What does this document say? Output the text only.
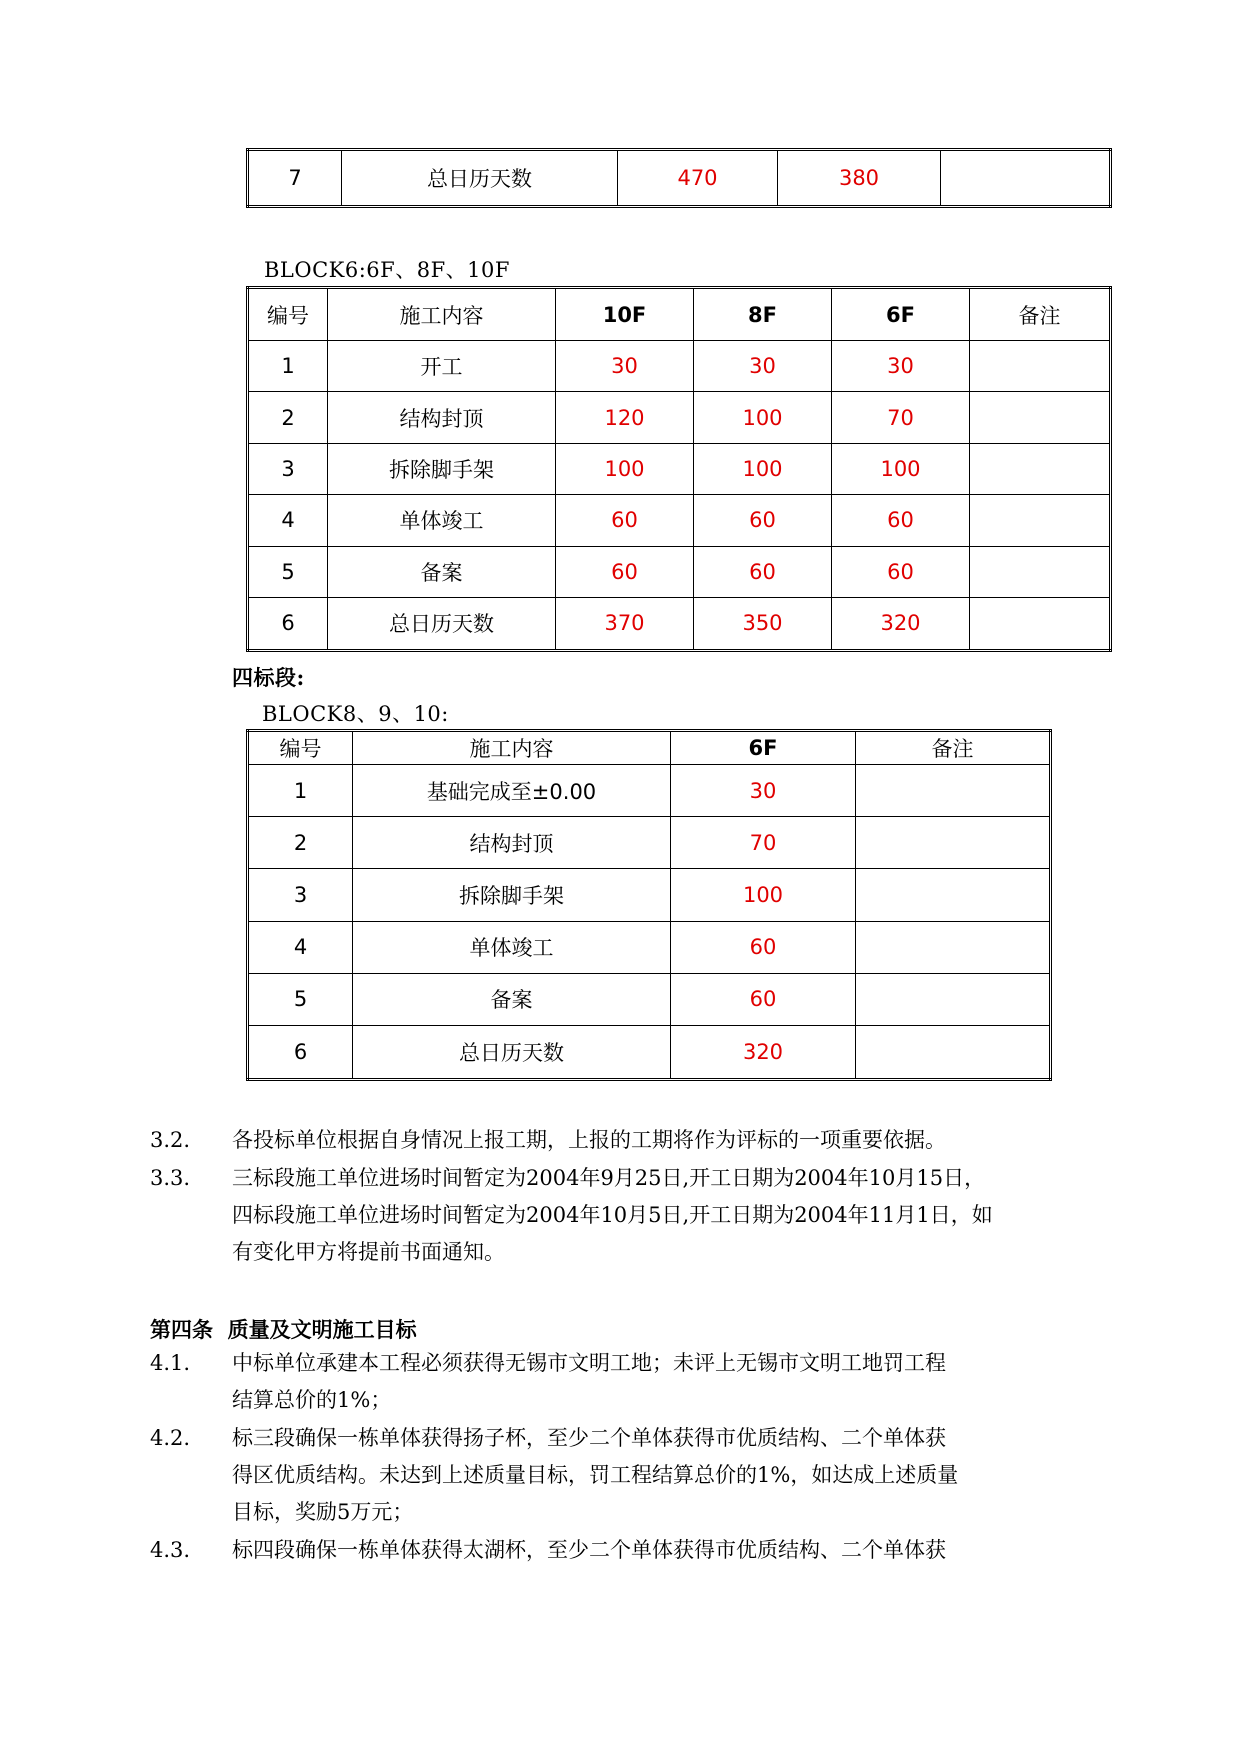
7	总日历天数	470	380	
BLOCK6:6F、8F、10F
编号	施工内容	10F	8F	6F	备注
1	开工	30	30	30	
2	结构封顶	120	100	70	
3	拆除脚手架	100	100	100	
4	单体竣工	60	60	60	
5	备案	60	60	60	
6	总日历天数	370	350	320	
四标段:
BLOCK8、9、10:
编号	施工内容	6F	备注
1	基础完成至±0.00	30	
2	结构封顶	70	
3	拆除脚手架	100	
4	单体竣工	60	
5	备案	60	
6	总日历天数	320	
3.2. 各投标单位根据自身情况上报工期，上报的工期将作为评标的一项重要依据。
3.3. 三标段施工单位进场时间暂定为2004年9月25日,开工日期为2004年10月15日，
四标段施工单位进场时间暂定为2004年10月5日,开工日期为2004年11月1日，如
有变化甲方将提前书面通知。
第四条  质量及文明施工目标
4.1. 中标单位承建本工程必须获得无锡市文明工地；未评上无锡市文明工地罚工程
结算总价的1%；
4.2. 标三段确保一栋单体获得扬子杯，至少二个单体获得市优质结构、二个单体获
得区优质结构。未达到上述质量目标，罚工程结算总价的1%，如达成上述质量
目标，奖励5万元；
4.3. 标四段确保一栋单体获得太湖杯，至少二个单体获得市优质结构、二个单体获
